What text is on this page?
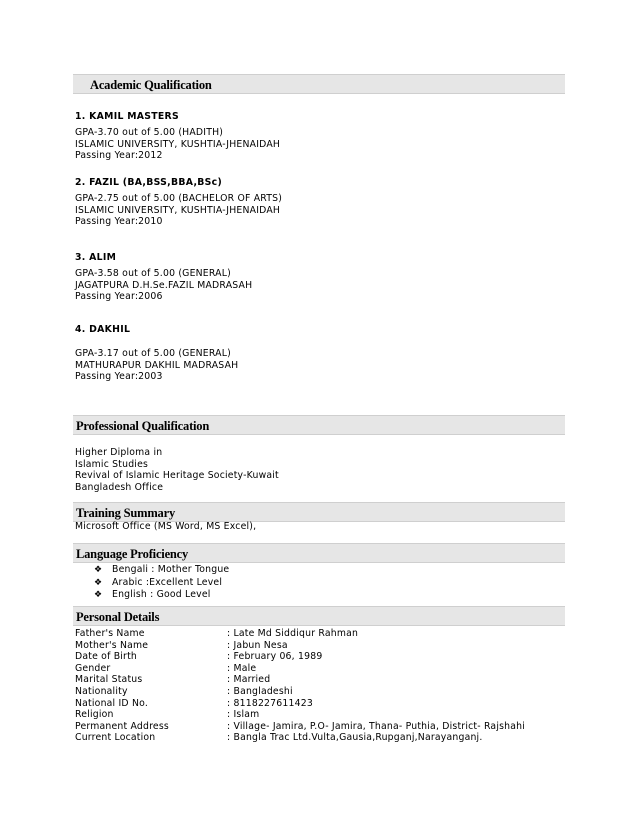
Academic Qualification
1. KAMIL MASTERS
GPA-3.70 out of 5.00 (HADITH)
ISLAMIC UNIVERSITY, KUSHTIA-JHENAIDAH
Passing Year:2012
2. FAZIL (BA,BSS,BBA,BSc)
GPA-2.75 out of 5.00 (BACHELOR OF ARTS)
ISLAMIC UNIVERSITY, KUSHTIA-JHENAIDAH
Passing Year:2010
3. ALIM
GPA-3.58 out of 5.00 (GENERAL)
JAGATPURA D.H.Se.FAZIL MADRASAH
Passing Year:2006
4. DAKHIL
GPA-3.17 out of 5.00 (GENERAL)
MATHURAPUR DAKHIL MADRASAH
Passing Year:2003
Professional Qualification
Higher Diploma in
Islamic Studies
Revival of Islamic Heritage Society-Kuwait
Bangladesh Office
Training Summary
Microsoft Office (MS Word, MS Excel),
Language Proficiency
❖ Bengali : Mother Tongue
❖ Arabic :Excellent Level
❖ English : Good Level
Personal Details
Father's Name	: Late Md Siddiqur Rahman
Mother's Name	: Jabun Nesa
Date of Birth	: February 06, 1989
Gender	: Male
Marital Status	: Married
Nationality	: Bangladeshi
National ID No.	: 8118227611423
Religion	: Islam
Permanent Address	: Village- Jamira, P.O- Jamira, Thana- Puthia, District- Rajshahi
Current Location	: Bangla Trac Ltd.Vulta,Gausia,Rupganj,Narayanganj.
